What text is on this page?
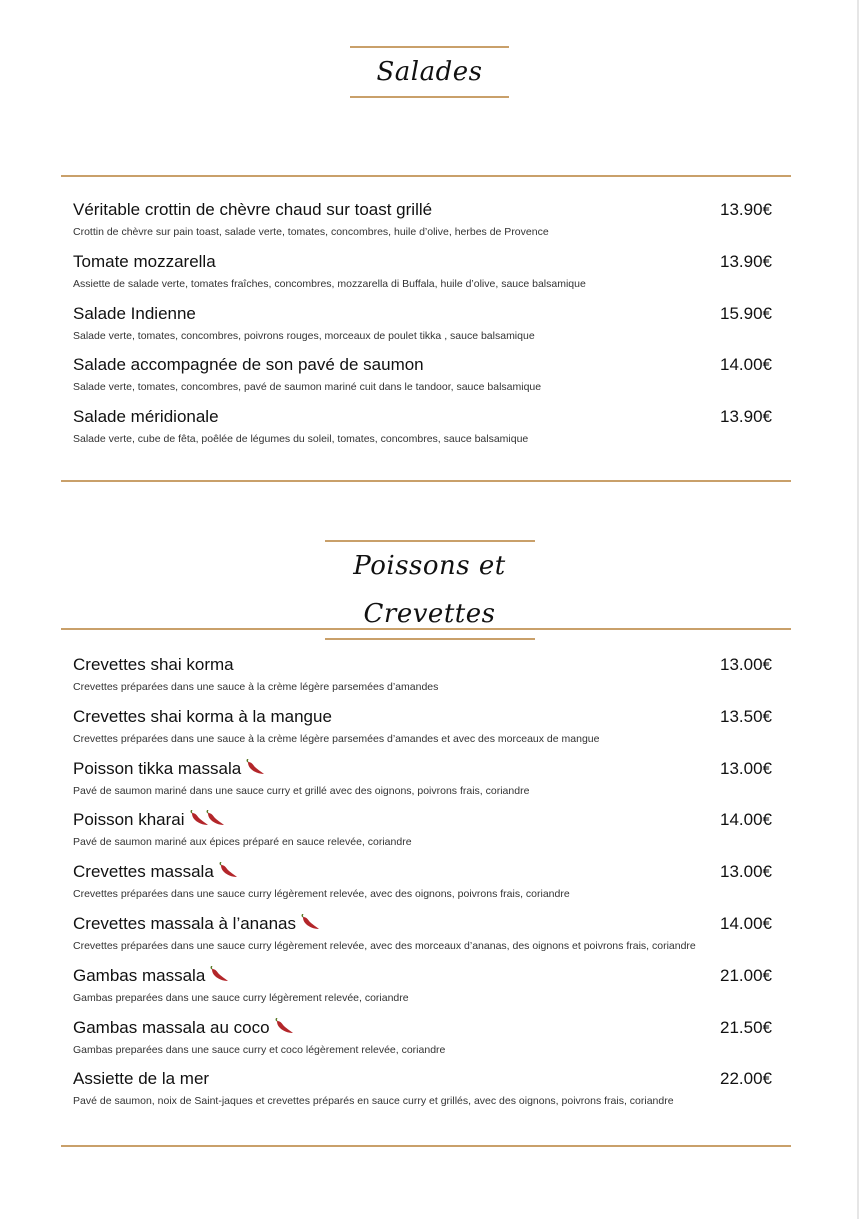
Salades
Véritable crottin de chèvre chaud sur toast grillé	13.90€
Crottin de chèvre sur pain toast, salade verte, tomates, concombres, huile d’olive, herbes de Provence
Tomate mozzarella	13.90€
Assiette de salade verte, tomates fraîches, concombres, mozzarella di Buffala, huile d’olive, sauce balsamique
Salade Indienne	15.90€
Salade verte, tomates, concombres, poivrons rouges, morceaux de poulet tikka , sauce balsamique
Salade accompagnée de son pavé de saumon	14.00€
Salade verte, tomates, concombres, pavé de saumon mariné cuit dans le tandoor, sauce balsamique
Salade méridionale	13.90€
Salade verte, cube de fêta, poêlée de légumes du soleil, tomates, concombres, sauce balsamique
Poissons et Crevettes
Crevettes shai korma	13.00€
Crevettes préparées dans une sauce à la crème légère parsemées d’amandes
Crevettes shai korma à la mangue	13.50€
Crevettes préparées dans une sauce à la crème légère parsemées d’amandes et avec des morceaux de mangue
Poisson tikka massala	13.00€
Pavé de saumon mariné dans une sauce curry et grillé avec des oignons, poivrons frais, coriandre
Poisson kharai	14.00€
Pavé de saumon mariné aux épices préparé en sauce relevée, coriandre
Crevettes massala	13.00€
Crevettes préparées dans une sauce curry légèrement relevée, avec des oignons, poivrons frais, coriandre
Crevettes massala à l’ananas	14.00€
Crevettes préparées dans une sauce curry légèrement relevée, avec des morceaux d’ananas, des oignons et poivrons frais, coriandre
Gambas massala	21.00€
Gambas preparées dans une sauce curry légèrement relevée, coriandre
Gambas massala au coco	21.50€
Gambas preparées dans une sauce curry et coco légèrement relevée, coriandre
Assiette de la mer	22.00€
Pavé de saumon, noix de Saint-jaques et crevettes préparés en sauce curry et grillés, avec des oignons, poivrons frais, coriandre
